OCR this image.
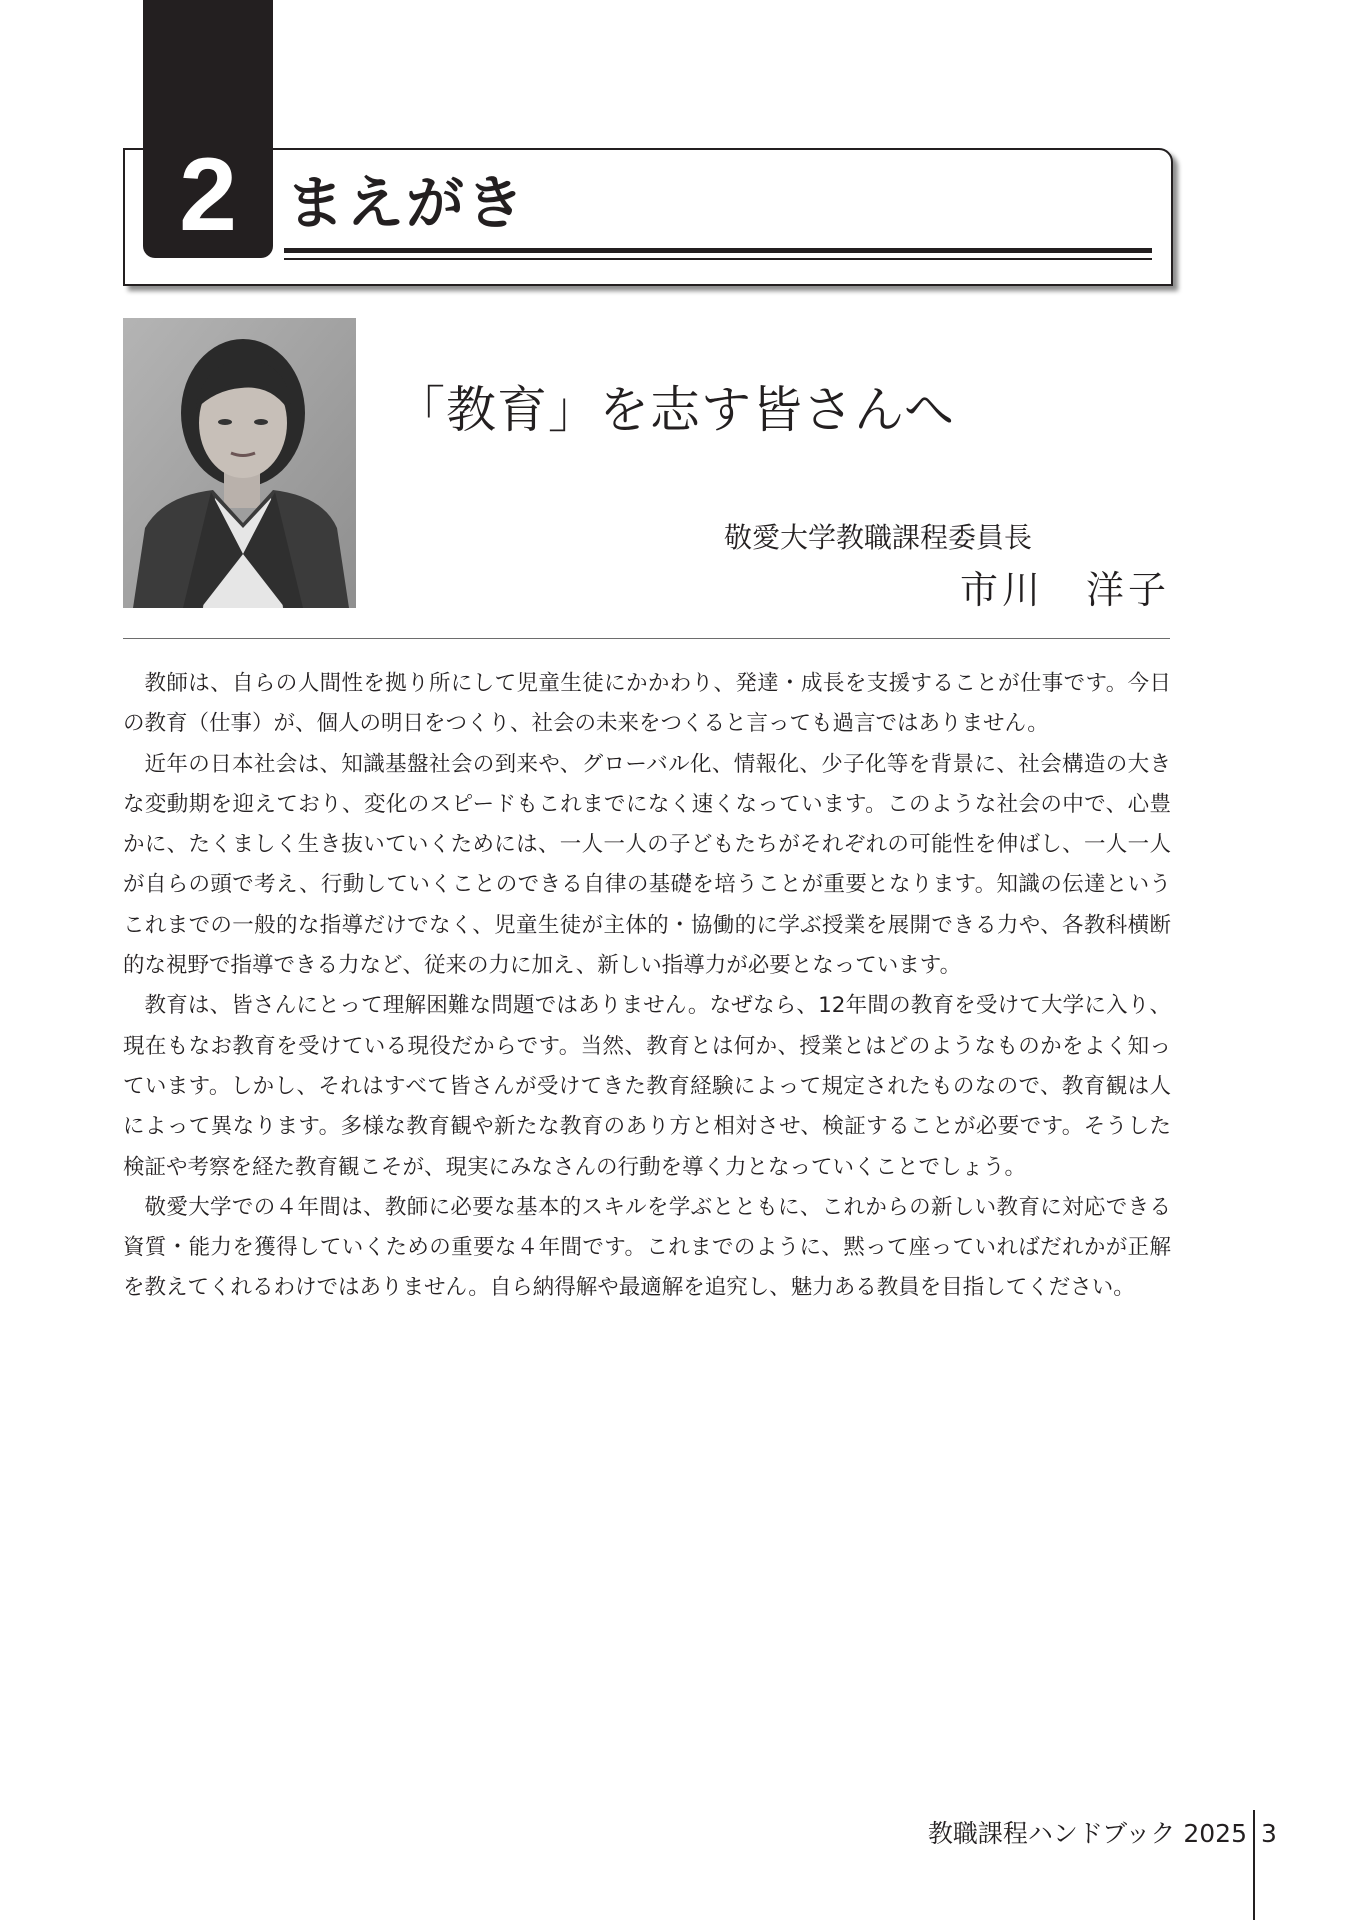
2 まえがき
「教育」を志す皆さんへ
敬愛大学教職課程委員長
市川　洋子

教師は、自らの人間性を拠り所にして児童生徒にかかわり、発達・成長を支援することが仕事です。今日の教育（仕事）が、個人の明日をつくり、社会の未来をつくると言っても過言ではありません。

近年の日本社会は、知識基盤社会の到来や、グローバル化、情報化、少子化等を背景に、社会構造の大きな変動期を迎えており、変化のスピードもこれまでになく速くなっています。このような社会の中で、心豊かに、たくましく生き抜いていくためには、一人一人の子どもたちがそれぞれの可能性を伸ばし、一人一人が自らの頭で考え、行動していくことのできる自律の基礎を培うことが重要となります。知識の伝達というこれまでの一般的な指導だけでなく、児童生徒が主体的・協働的に学ぶ授業を展開できる力や、各教科横断的な視野で指導できる力など、従来の力に加え、新しい指導力が必要となっています。

教育は、皆さんにとって理解困難な問題ではありません。なぜなら、12年間の教育を受けて大学に入り、現在もなお教育を受けている現役だからです。当然、教育とは何か、授業とはどのようなものかをよく知っています。しかし、それはすべて皆さんが受けてきた教育経験によって規定されたものなので、教育観は人によって異なります。多様な教育観や新たな教育のあり方と相対させ、検証することが必要です。そうした検証や考察を経た教育観こそが、現実にみなさんの行動を導く力となっていくことでしょう。

敬愛大学での４年間は、教師に必要な基本的スキルを学ぶとともに、これからの新しい教育に対応できる資質・能力を獲得していくための重要な４年間です。これまでのように、黙って座っていればだれかが正解を教えてくれるわけではありません。自ら納得解や最適解を追究し、魅力ある教員を目指してください。

教職課程ハンドブック 2025 3
